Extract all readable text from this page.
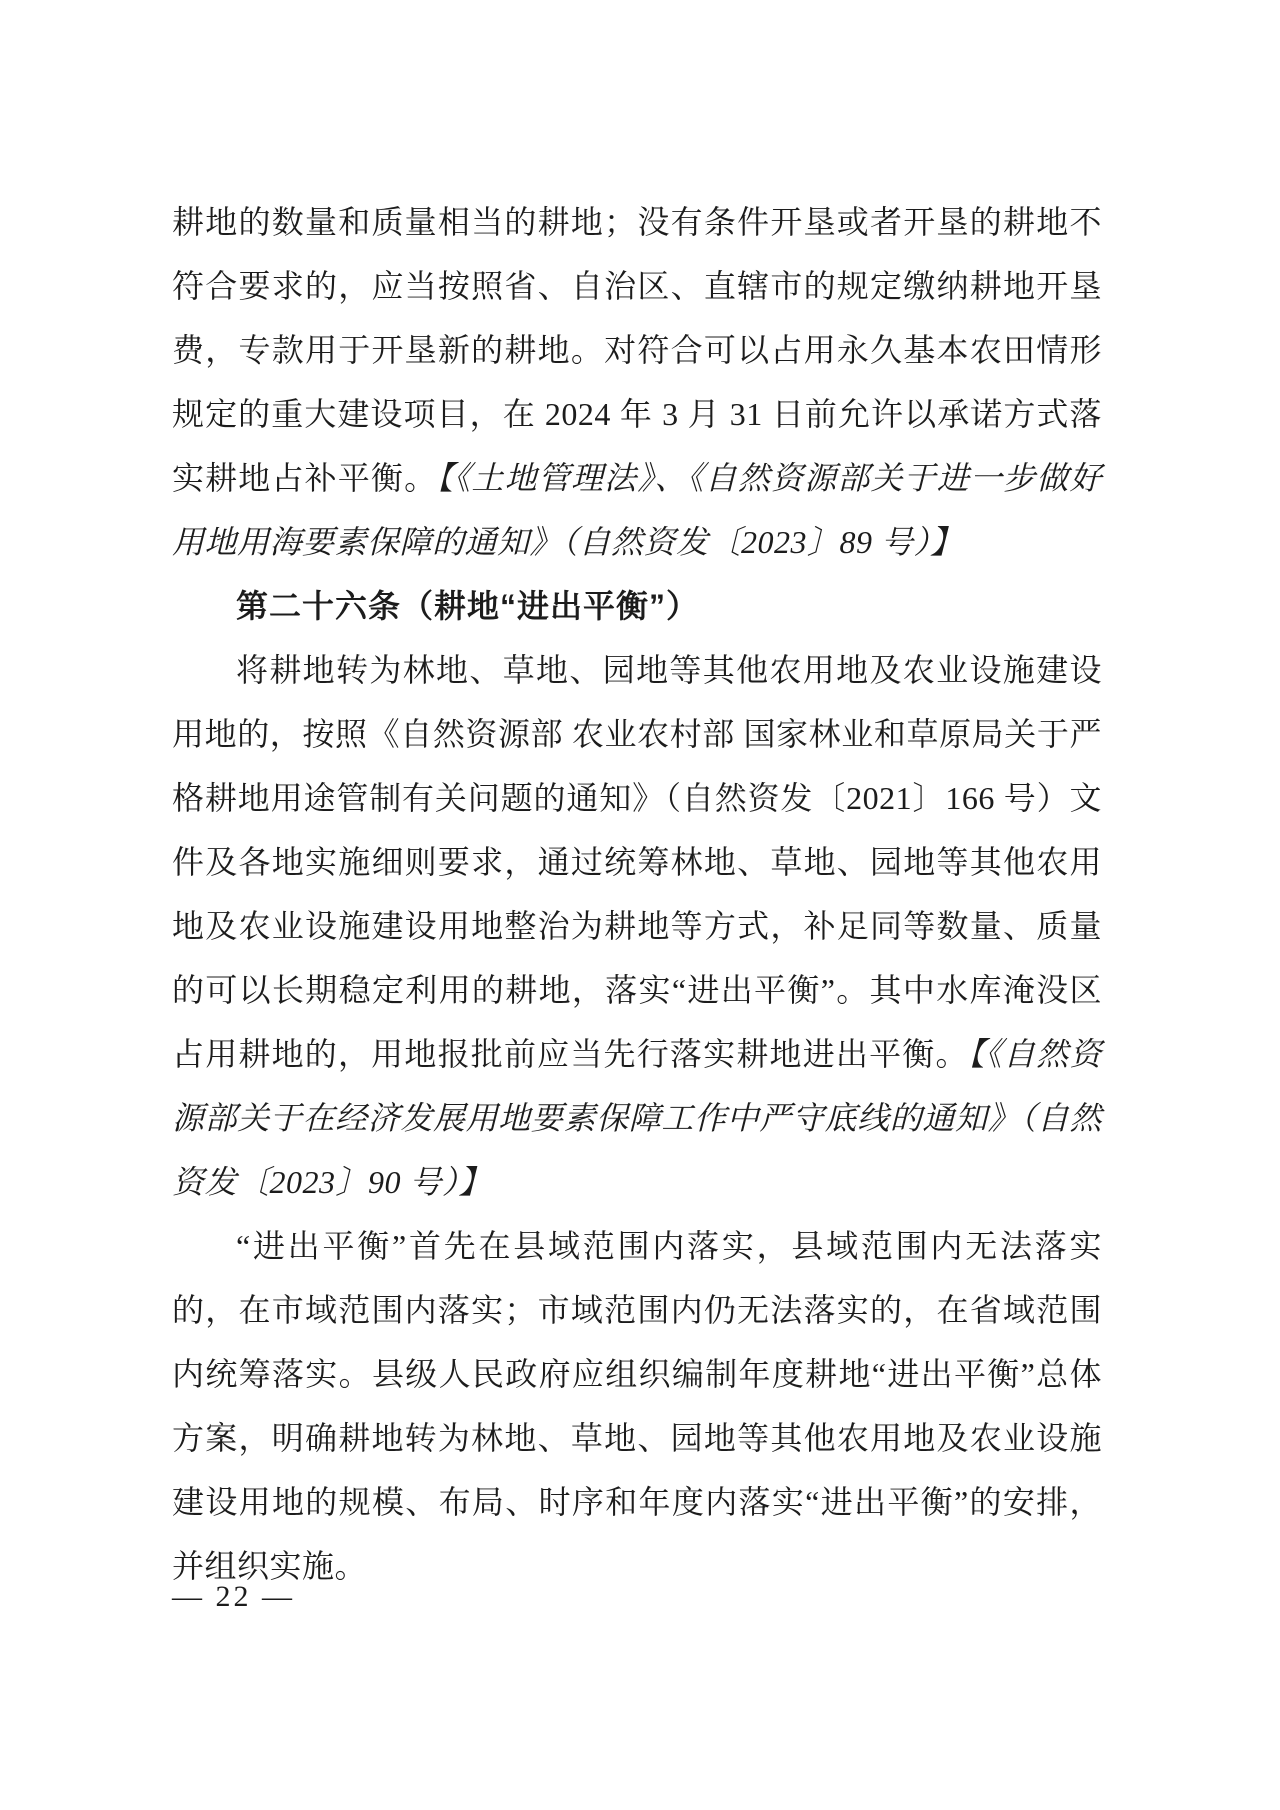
耕地的数量和质量相当的耕地；没有条件开垦或者开垦的耕地不符合要求的，应当按照省、自治区、直辖市的规定缴纳耕地开垦费，专款用于开垦新的耕地。对符合可以占用永久基本农田情形规定的重大建设项目，在 2024 年 3 月 31 日前允许以承诺方式落实耕地占补平衡。【《土地管理法》、《自然资源部关于进一步做好用地用海要素保障的通知》（自然资发〔2023〕89 号）】

第二十六条（耕地“进出平衡”）

将耕地转为林地、草地、园地等其他农用地及农业设施建设用地的，按照《自然资源部 农业农村部 国家林业和草原局关于严格耕地用途管制有关问题的通知》（自然资发〔2021〕166 号）文件及各地实施细则要求，通过统筹林地、草地、园地等其他农用地及农业设施建设用地整治为耕地等方式，补足同等数量、质量的可以长期稳定利用的耕地，落实“进出平衡”。其中水库淹没区占用耕地的，用地报批前应当先行落实耕地进出平衡。【《自然资源部关于在经济发展用地要素保障工作中严守底线的通知》（自然资发〔2023〕90 号）】

“进出平衡”首先在县域范围内落实，县域范围内无法落实的，在市域范围内落实；市域范围内仍无法落实的，在省域范围内统筹落实。县级人民政府应组织编制年度耕地“进出平衡”总体方案，明确耕地转为林地、草地、园地等其他农用地及农业设施建设用地的规模、布局、时序和年度内落实“进出平衡”的安排，并组织实施。

— 22 —
